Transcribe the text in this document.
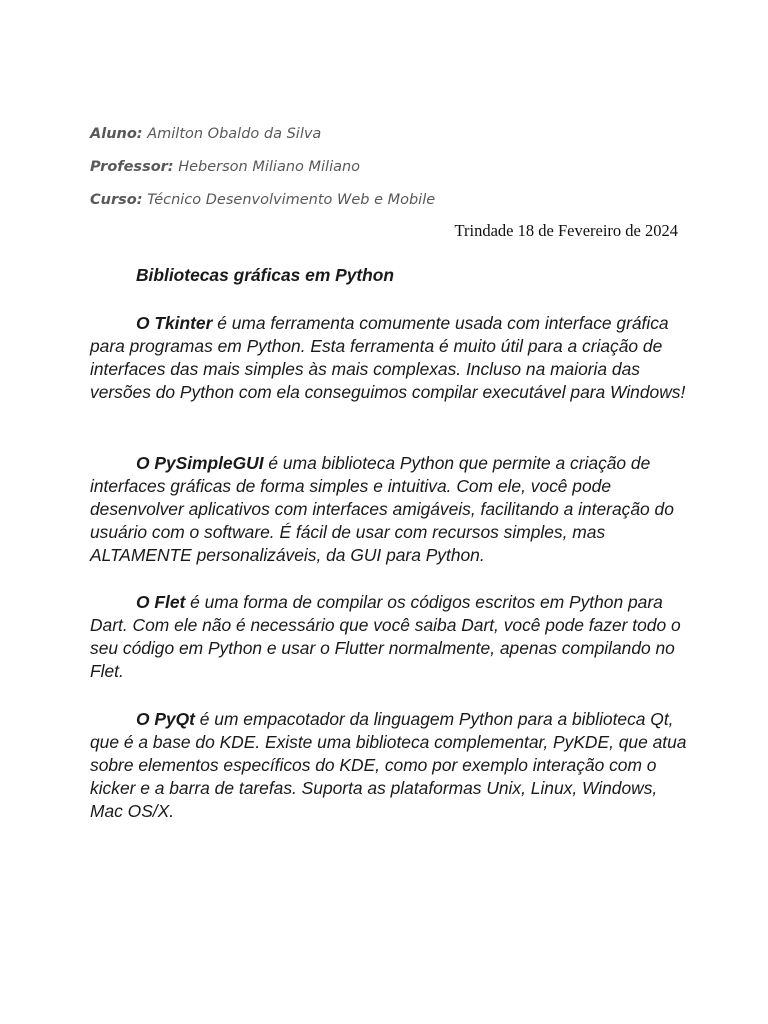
Aluno: Amilton Obaldo da Silva
Professor: Heberson Miliano Miliano
Curso: Técnico Desenvolvimento Web e Mobile
Trindade 18 de Fevereiro de 2024

Bibliotecas gráficas em Python

O Tkinter é uma ferramenta comumente usada com interface gráfica para programas em Python. Esta ferramenta é muito útil para a criação de interfaces das mais simples às mais complexas. Incluso na maioria das versões do Python com ela conseguimos compilar executável para Windows!

O PySimpleGUI é uma biblioteca Python que permite a criação de interfaces gráficas de forma simples e intuitiva. Com ele, você pode desenvolver aplicativos com interfaces amigáveis, facilitando a interação do usuário com o software. É fácil de usar com recursos simples, mas ALTAMENTE personalizáveis, da GUI para Python.

O Flet é uma forma de compilar os códigos escritos em Python para Dart. Com ele não é necessário que você saiba Dart, você pode fazer todo o seu código em Python e usar o Flutter normalmente, apenas compilando no Flet.

O PyQt é um empacotador da linguagem Python para a biblioteca Qt, que é a base do KDE. Existe uma biblioteca complementar, PyKDE, que atua sobre elementos específicos do KDE, como por exemplo interação com o kicker e a barra de tarefas. Suporta as plataformas Unix, Linux, Windows, Mac OS/X.
